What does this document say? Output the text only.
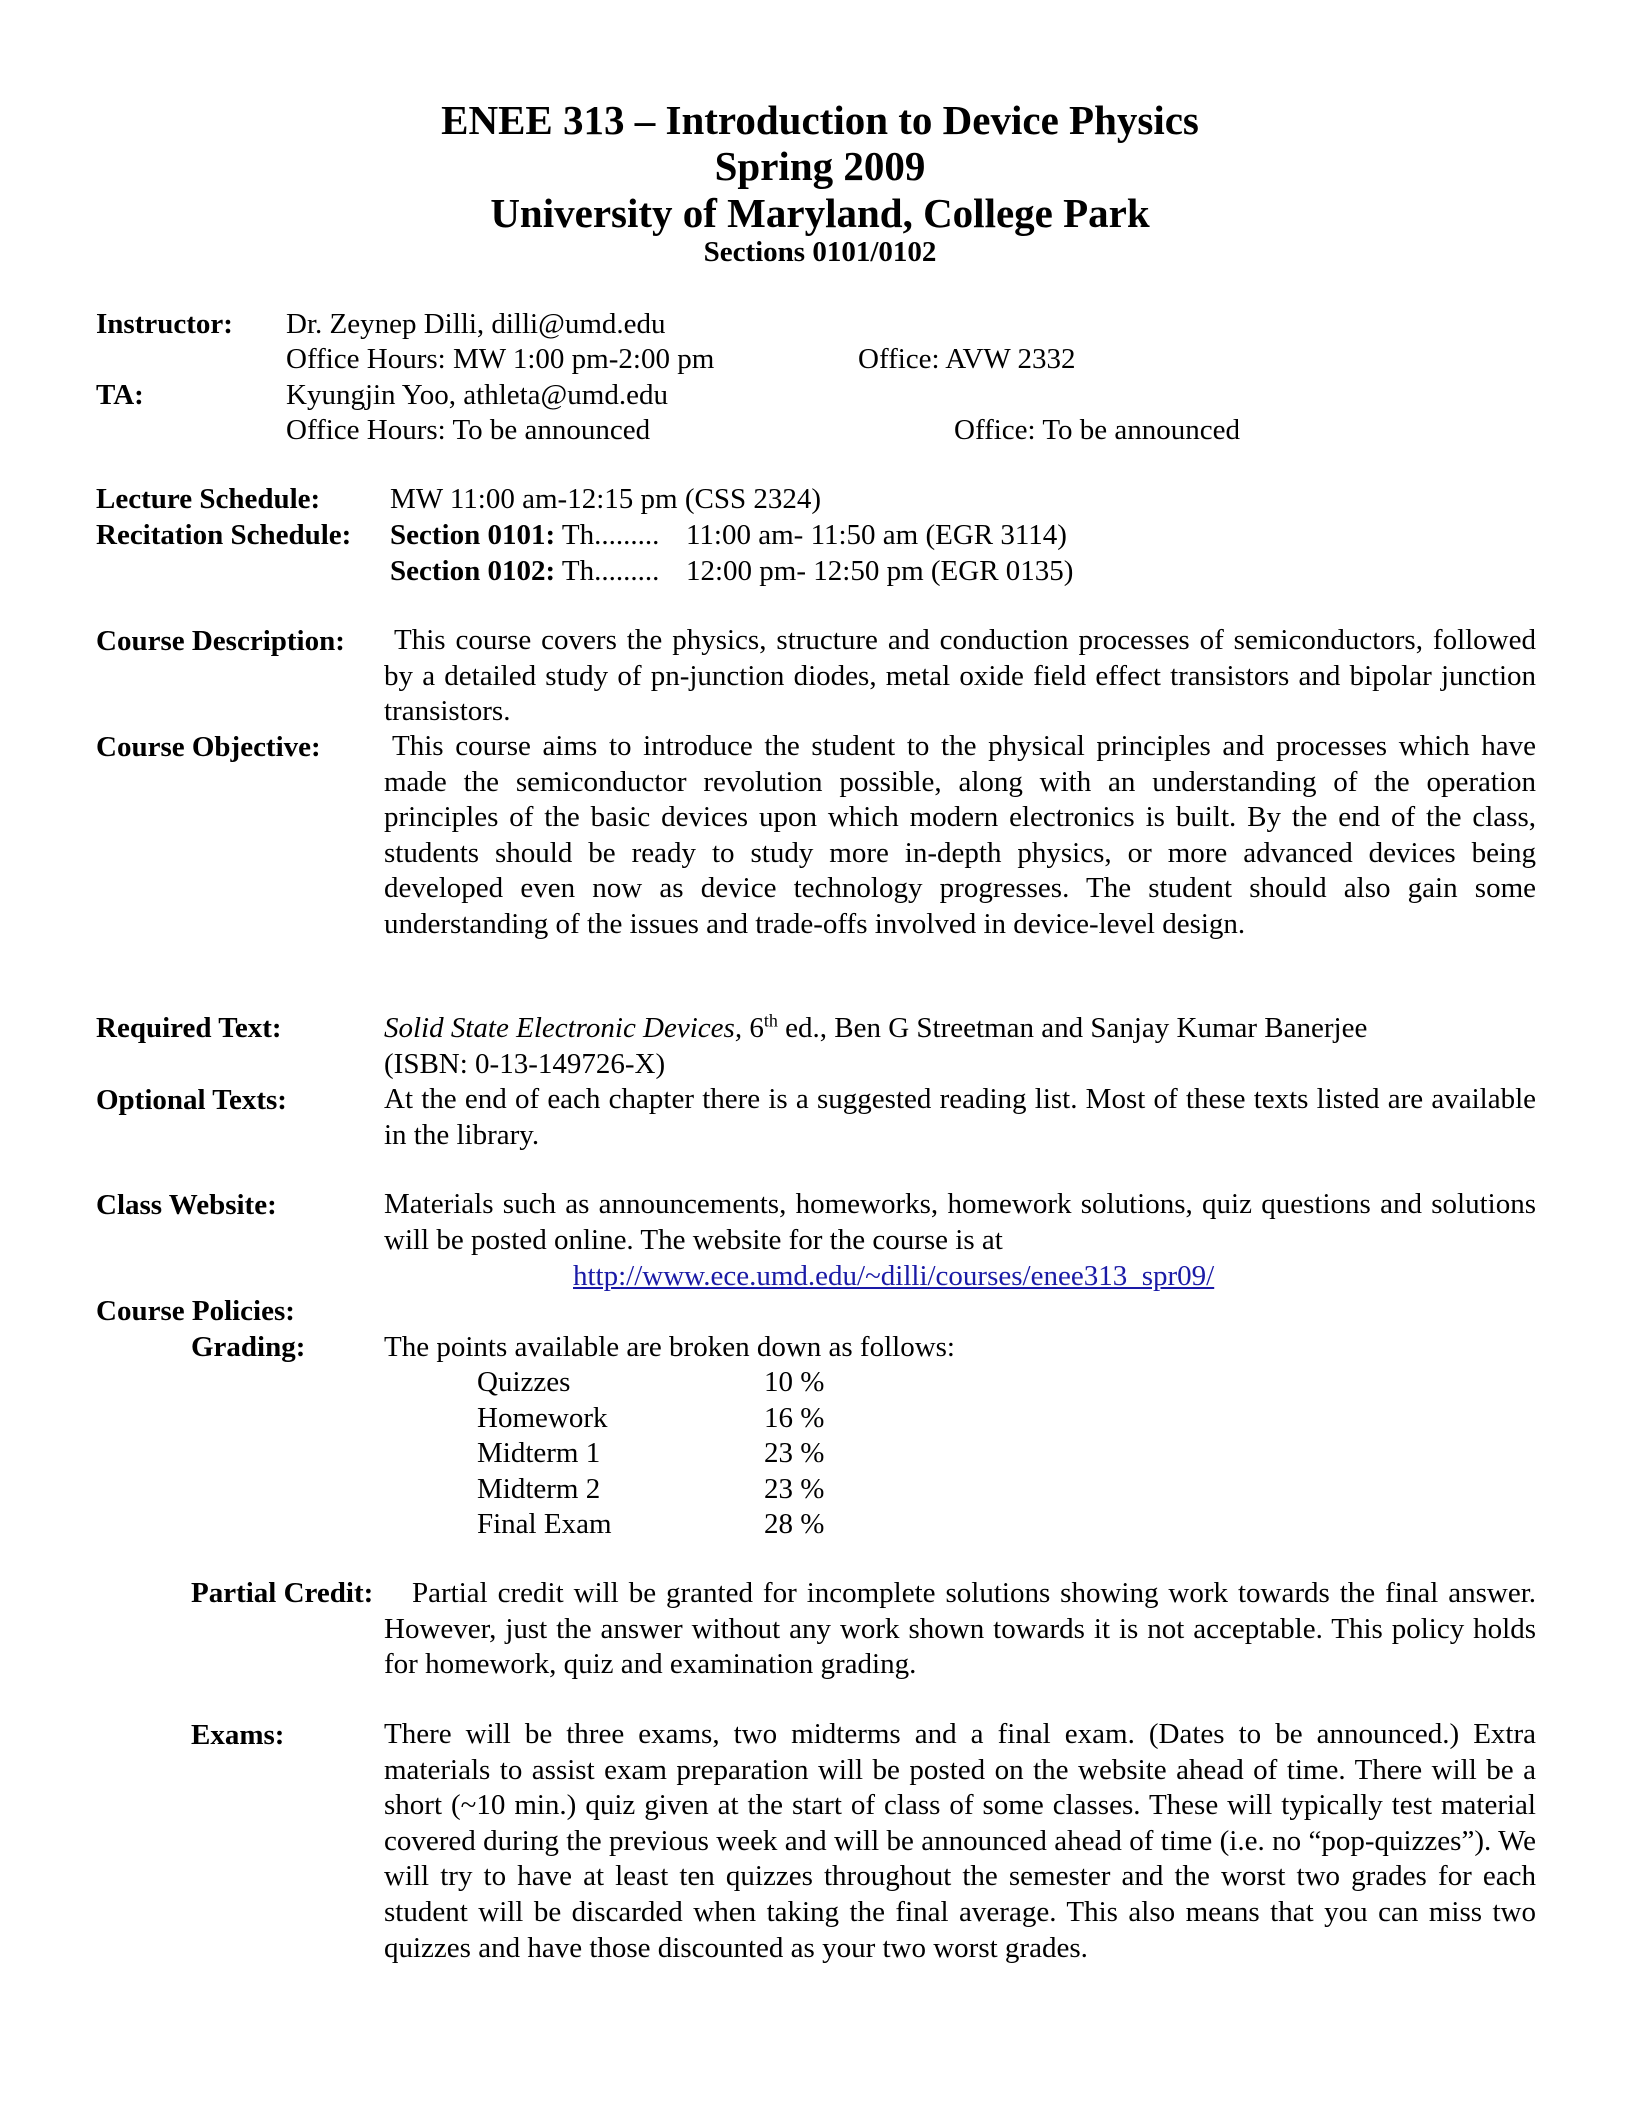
ENEE 313 – Introduction to Device Physics
Spring 2009
University of Maryland, College Park
Sections 0101/0102
Instructor: Dr. Zeynep Dilli, dilli@umd.edu
Office Hours: MW 1:00 pm-2:00 pm	Office: AVW 2332
TA:	Kyungjin Yoo, athleta@umd.edu
Office Hours: To be announced	Office: To be announced
Lecture Schedule: MW 11:00 am-12:15 pm (CSS 2324)
Recitation Schedule: Section 0101: Th......... 11:00 am- 11:50 am (EGR 3114)
Section 0102: Th......... 12:00 pm- 12:50 pm (EGR 0135)
Course Description:	This course covers the physics, structure and conduction processes of semiconductors, followed by a detailed study of pn-junction diodes, metal oxide field effect transistors and bipolar junction transistors.
Course Objective: This course aims to introduce the student to the physical principles and processes which have made the semiconductor revolution possible, along with an understanding of the operation principles of the basic devices upon which modern electronics is built. By the end of the class, students should be ready to study more in-depth physics, or more advanced devices being developed even now as device technology progresses. The student should also gain some understanding of the issues and trade-offs involved in device-level design.
Required Text:	Solid State Electronic Devices, 6th ed., Ben G Streetman and Sanjay Kumar Banerjee
(ISBN: 0-13-149726-X)
Optional Texts:	At the end of each chapter there is a suggested reading list. Most of these texts listed are available in the library.
Class Website:	Materials such as announcements, homeworks, homework solutions, quiz questions and solutions will be posted online. The website for the course is at
http://www.ece.umd.edu/~dilli/courses/enee313_spr09/
Course Policies:
Grading:	The points available are broken down as follows:
Quizzes	10 %
Homework	16 %
Midterm 1	23 %
Midterm 2	23 %
Final Exam	28 %
Partial Credit:	Partial credit will be granted for incomplete solutions showing work towards the final answer. However, just the answer without any work shown towards it is not acceptable. This policy holds for homework, quiz and examination grading.
Exams:	There will be three exams, two midterms and a final exam. (Dates to be announced.) Extra materials to assist exam preparation will be posted on the website ahead of time. There will be a short (~10 min.) quiz given at the start of class of some classes. These will typically test material covered during the previous week and will be announced ahead of time (i.e. no “pop-quizzes”). We will try to have at least ten quizzes throughout the semester and the worst two grades for each student will be discarded when taking the final average. This also means that you can miss two quizzes and have those discounted as your two worst grades.
